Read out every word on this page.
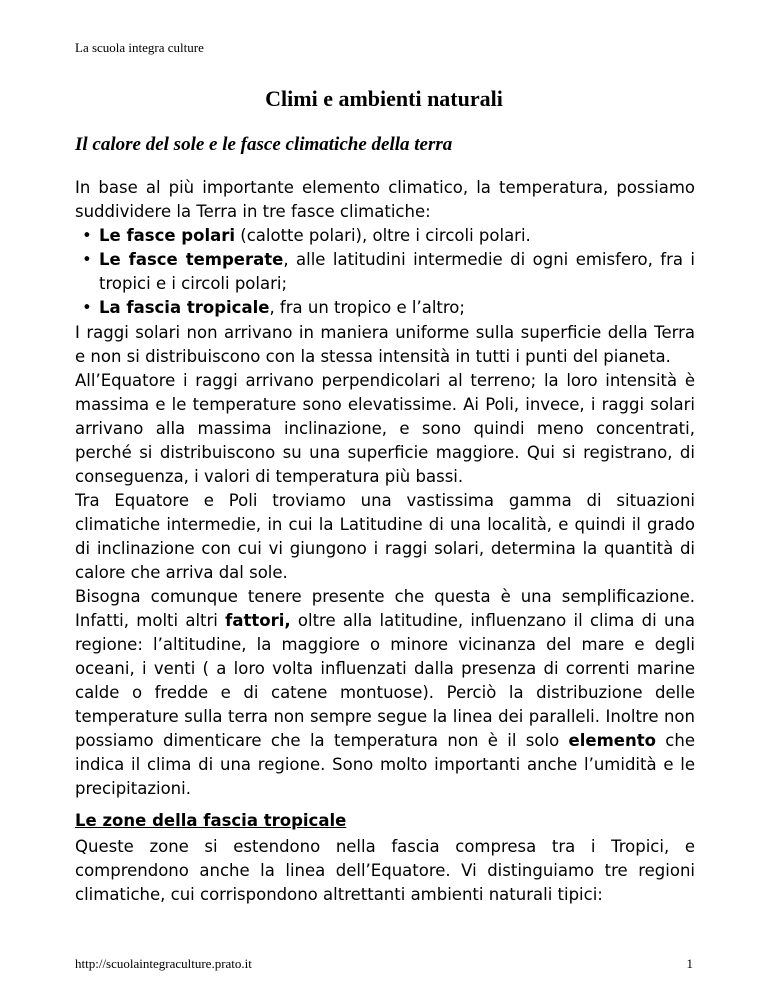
La scuola integra culture
Climi e ambienti naturali
Il calore del sole e le fasce climatiche della terra

In base al più importante elemento climatico, la temperatura, possiamo suddividere la Terra in tre fasce climatiche:

• Le fasce polari (calotte polari), oltre i circoli polari.
• Le fasce temperate, alle latitudini intermedie di ogni emisfero, fra i tropici e i circoli polari;
• La fascia tropicale, fra un tropico e l’altro;

I raggi solari non arrivano in maniera uniforme sulla superficie della Terra e non si distribuiscono con la stessa intensità in tutti i punti del pianeta.

All’Equatore i raggi arrivano perpendicolari al terreno; la loro intensità è massima e le temperature sono elevatissime. Ai Poli, invece, i raggi solari arrivano alla massima inclinazione, e sono quindi meno concentrati, perché si distribuiscono su una superficie maggiore. Qui si registrano, di conseguenza, i valori di temperatura più bassi.

Tra Equatore e Poli troviamo una vastissima gamma di situazioni climatiche intermedie, in cui la Latitudine di una località, e quindi il grado di inclinazione con cui vi giungono i raggi solari, determina la quantità di calore che arriva dal sole.

Bisogna comunque tenere presente che questa è una semplificazione. Infatti, molti altri fattori, oltre alla latitudine, influenzano il clima di una regione: l’altitudine, la maggiore o minore vicinanza del mare e degli oceani, i venti ( a loro volta influenzati dalla presenza di correnti marine calde o fredde e di catene montuose). Perciò la distribuzione delle temperature sulla terra non sempre segue la linea dei paralleli. Inoltre non possiamo dimenticare che la temperatura non è il solo elemento che indica il clima di una regione. Sono molto importanti anche l’umidità e le precipitazioni.

Le zone della fascia tropicale

Queste zone si estendono nella fascia compresa tra i Tropici, e comprendono anche la linea dell’Equatore. Vi distinguiamo tre regioni climatiche, cui corrispondono altrettanti ambienti naturali tipici:

http://scuolaintegraculture.prato.it	1
